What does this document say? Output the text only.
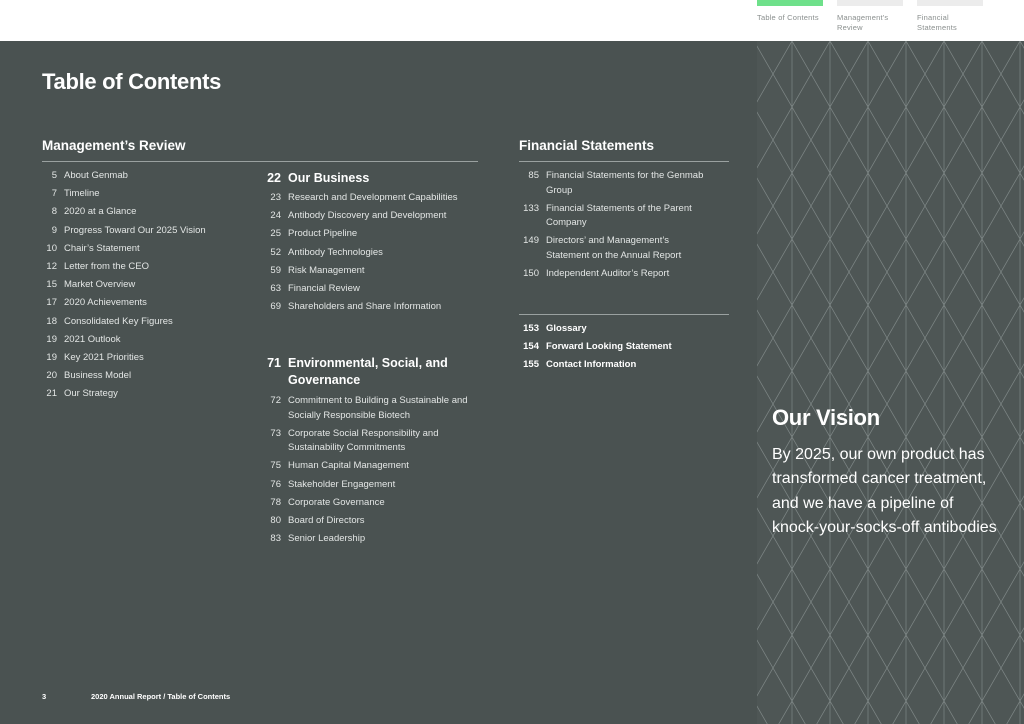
Table of Contents	Management's Review
Financial Statements
Table of Contents
Management’s Review
5 About Genmab
7 Timeline
8 2020 at a Glance
9 Progress Toward Our 2025 Vision
10 Chair’s Statement
12 Letter from the CEO
15 Market Overview
17 2020 Achievements
18 Consolidated Key Figures
19 2021 Outlook
19 Key 2021 Priorities
20 Business Model
21 Our Strategy
22 Our Business
23 Research and Development Capabilities
24 Antibody Discovery and Development
25 Product Pipeline
52 Antibody Technologies
59 Risk Management
63 Financial Review
69 Shareholders and Share Information
71 Environmental, Social, and Governance
72 Commitment to Building a Sustainable and Socially Responsible Biotech
73 Corporate Social Responsibility and Sustainability Commitments
75 Human Capital Management
76 Stakeholder Engagement
78 Corporate Governance
80 Board of Directors
83 Senior Leadership
Financial Statements
85 Financial Statements for the Genmab Group
133 Financial Statements of the Parent Company
149 Directors’ and Management’s Statement on the Annual Report
150 Independent Auditor’s Report
153 Glossary
154 Forward Looking Statement
155 Contact Information
Our Vision
By 2025, our own product has transformed cancer treatment, and we have a pipeline of knock-your-socks-off antibodies
3	2020 Annual Report / Table of Contents
